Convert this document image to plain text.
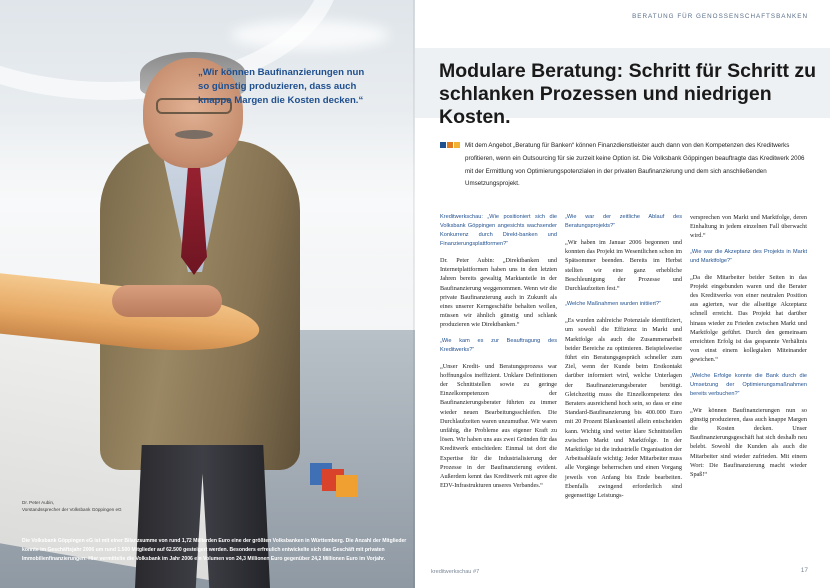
„Wir können Baufinanzierungen nun so günstig produzieren, dass auch knappe Margen die Kosten decken.“
Dr. Peter Aubin,
Vorstandssprecher der Volksbank Göppingen eG
Die Volksbank Göppingen eG ist mit einer Bilanzsumme von rund 1,72 Milliarden Euro eine der größten Volksbanken in Württemberg. Die Anzahl der Mitglieder konnte im Geschäftsjahr 2006 um rund 1.500 Mitglieder auf 62.500 gesteigert werden. Besonders erfreulich entwickelte sich das Geschäft mit privaten Immobilienfinanzierungen: Hier vermittelte die Volksbank im Jahr 2006 ein Volumen von 24,3 Millionen Euro gegenüber 24,2 Millionen Euro im Vorjahr.
BERATUNG FÜR GENOSSENSCHAFTSBANKEN
Modulare Beratung: Schritt für Schritt zu schlanken Prozessen und niedrigen Kosten.

Mit dem Angebot „Beratung für Banken“ können Finanzdienstleister auch dann von den Kompetenzen des Kreditwerks profitieren, wenn ein Outsourcing für sie zurzeit keine Option ist. Die Volksbank Göppingen beauftragte das Kreditwerk 2006 mit der Ermittlung von Optimierungspotenzialen in der privaten Baufinanzierung und dem sich anschließenden Umsetzungsprojekt.

Kreditwerkschau: „Wie positioniert sich die Volksbank Göppingen angesichts wachsender Konkurrenz durch Direkt-banken und Finanzierungsplattformen?“

Dr. Peter Aubin: „Direktbanken und Internetplattformen haben uns in den letzten Jahren bereits gewaltig Marktanteile in der Baufinanzierung weggenommen. Wenn wir die private Baufinanzierung auch in Zukunft als eines unserer Kerngeschäfte behalten wollen, müssen wir ähnlich günstig und schlank produzieren wie Direktbanken.“

„Wie kam es zur Beauftragung des Kreditwerks?“

„Unser Kredit- und Beratungsprozess war hoffnungslos ineffizient. Unklare Definitionen der Schnittstellen sowie zu geringe Einzelkompetenzen der Baufinanzierungsberater führten zu immer wieder neuen Bearbeitungsschleifen. Die Durchlaufzeiten waren unzumutbar. Wir waren unfähig, die Probleme aus eigener Kraft zu lösen. Wir haben uns aus zwei Gründen für das Kreditwerk entschieden: Einmal ist dort die Expertise für die Industrialisierung der Prozesse in der Baufinanzierung evident. Außerdem kennt das Kreditwerk mit agree die EDV-Infrastrukturen unseres Verbandes.“

„Wie war der zeitliche Ablauf des Beratungsprojekts?“

„Wir haben im Januar 2006 begonnen und konnten das Projekt im Wesentlichen schon im Spätsommer beenden. Bereits im Herbst stellten wir eine ganz erhebliche Beschleunigung der Prozesse und Durchlaufzeiten fest.“

„Welche Maßnahmen wurden initiiert?“

„Es wurden zahlreiche Potenziale identifiziert, um sowohl die Effizienz in Markt und Marktfolge als auch die Zusammenarbeit beider Bereiche zu optimieren. Beispielsweise führt ein Beratungsgespräch schneller zum Ziel, wenn der Kunde beim Erstkontakt darüber informiert wird, welche Unterlagen der Baufinanzierungsberater benötigt. Gleichzeitig muss die Einzelkompetenz des Beraters ausreichend hoch sein, so dass er eine Standard-Baufinanzierung bis 400.000 Euro mit 20 Prozent Blankoanteil allein entscheiden kann. Wichtig sind weiter klare Schnittstellen zwischen Markt und Marktfolge. In der Marktfolge ist die industrielle Organisation der Arbeitsabläufe wichtig: Jeder Mitarbeiter muss alle Vorgänge beherrschen und einen Vorgang jeweils von Anfang bis Ende bearbeiten. Ebenfalls zwingend erforderlich sind gegenseitige Leistungs-

versprechen von Markt und Marktfolge, deren Einhaltung in jedem einzelnen Fall überwacht wird.“

„Wie war die Akzeptanz des Projekts in Markt und Marktfolge?“

„Da die Mitarbeiter beider Seiten in das Projekt eingebunden waren und die Berater des Kreditwerks von einer neutralen Position aus agierten, war die allseitige Akzeptanz schnell erreicht. Das Projekt hat darüber hinaus wieder zu Frieden zwischen Markt und Marktfolge geführt. Durch den gemeinsam erreichten Erfolg ist das gespannte Verhältnis von einst einem kollegialen Miteinander gewichen.“

„Welche Erfolge konnte die Bank durch die Umsetzung der Optimierungsmaßnahmen bereits verbuchen?“

„Wir können Baufinanzierungen nun so günstig produzieren, dass auch knappe Margen die Kosten decken. Unser Baufinanzierungsgeschäft hat sich deshalb neu belebt. Sowohl die Kunden als auch die Mitarbeiter sind wieder zufrieden. Mit einem Wort: Die Baufinanzierung macht wieder Spaß!“

kreditwerkschau #7	17
